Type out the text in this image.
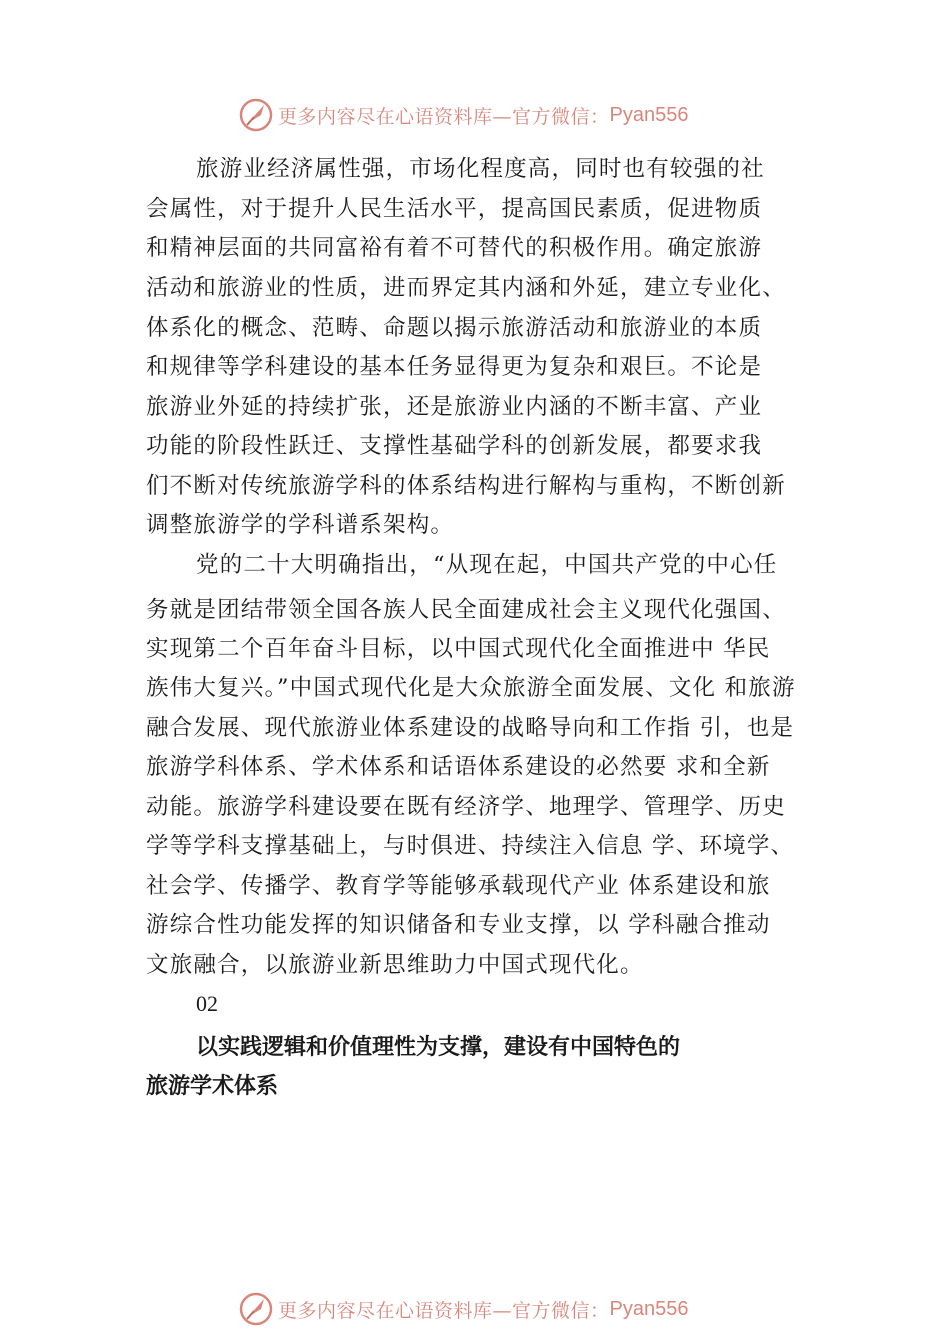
更多内容尽在心语资料库—官方微信： Pyan556
旅游业经济属性强，市场化程度高，同时也有较强的社
会属性，对于提升人民生活水平，提高国民素质，促进物质
和精神层面的共同富裕有着不可替代的积极作用。确定旅游
活动和旅游业的性质，进而界定其内涵和外延，建立专业化、
体系化的概念、范畴、命题以揭示旅游活动和旅游业的本质
和规律等学科建设的基本任务显得更为复杂和艰巨。不论是
旅游业外延的持续扩张，还是旅游业内涵的不断丰富、产业
功能的阶段性跃迁、支撑性基础学科的创新发展，都要求我
们不断对传统旅游学科的体系结构进行解构与重构，不断创新
调整旅游学的学科谱系架构。
党的二十大明确指出，“从现在起，中国共产党的中心任
务就是团结带领全国各族人民全面建成社会主义现代化强国、
实现第二个百年奋斗目标，以中国式现代化全面推进中 华民
族伟大复兴。”中国式现代化是大众旅游全面发展、文化 和旅游
融合发展、现代旅游业体系建设的战略导向和工作指 引，也是
旅游学科体系、学术体系和话语体系建设的必然要 求和全新
动能。旅游学科建设要在既有经济学、地理学、管理学、历史
学等学科支撑基础上，与时俱进、持续注入信息 学、环境学、
社会学、传播学、教育学等能够承载现代产业 体系建设和旅
游综合性功能发挥的知识储备和专业支撑，以 学科融合推动
文旅融合，以旅游业新思维助力中国式现代化。
02
以实践逻辑和价值理性为支撑，建设有中国特色的
旅游学术体系
更多内容尽在心语资料库—官方微信： Pyan556
